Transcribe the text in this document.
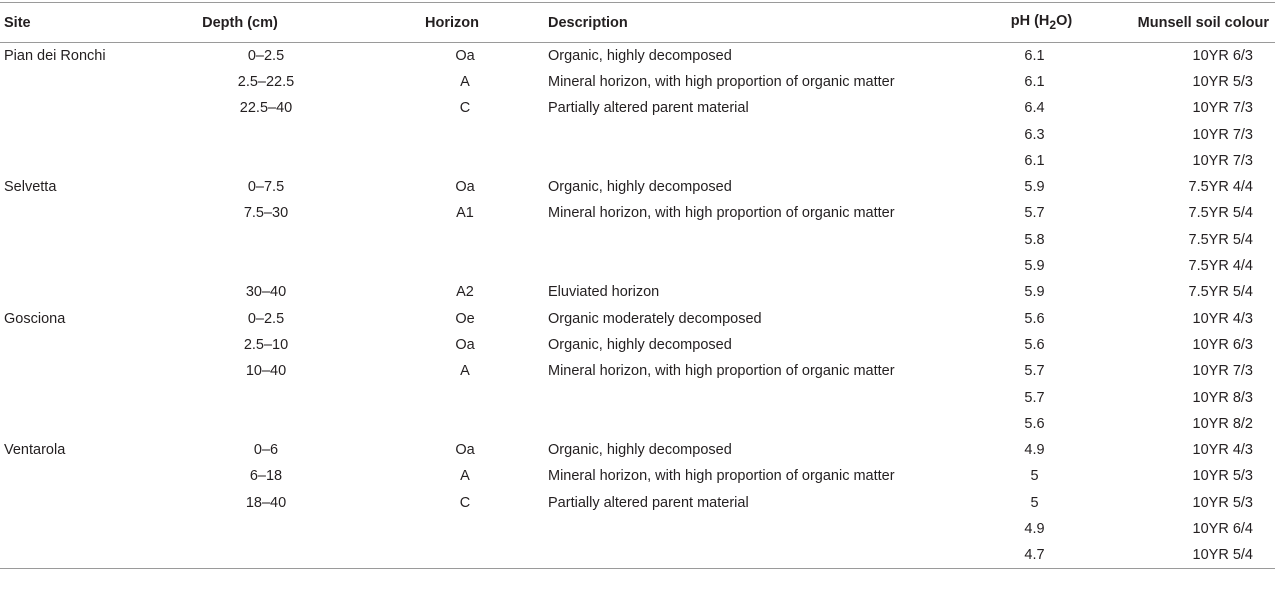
Site	Depth (cm)	Horizon	Description	pH $(H_2O)$	Munsell soil colour
Pian dei Ronchi	0–2.5	Oa	Organic, highly decomposed	6.1	10YR 6/3
	2.5–22.5	A	Mineral horizon, with high proportion of organic matter	6.1	10YR 5/3
	22.5–40	C	Partially altered parent material	6.4	10YR 7/3
				6.3	10YR 7/3
				6.1	10YR 7/3
Selvetta	0–7.5	Oa	Organic, highly decomposed	5.9	7.5YR 4/4
	7.5–30	A1	Mineral horizon, with high proportion of organic matter	5.7	7.5YR 5/4
				5.8	7.5YR 5/4
				5.9	7.5YR 4/4
	30–40	A2	Eluviated horizon	5.9	7.5YR 5/4
Gosciona	0–2.5	Oe	Organic moderately decomposed	5.6	10YR 4/3
	2.5–10	Oa	Organic, highly decomposed	5.6	10YR 6/3
	10–40	A	Mineral horizon, with high proportion of organic matter	5.7	10YR 7/3
				5.7	10YR 8/3
				5.6	10YR 8/2
Ventarola	0–6	Oa	Organic, highly decomposed	4.9	10YR 4/3
	6–18	A	Mineral horizon, with high proportion of organic matter	5	10YR 5/3
	18–40	C	Partially altered parent material	5	10YR 5/3
				4.9	10YR 6/4
				4.7	10YR 5/4
